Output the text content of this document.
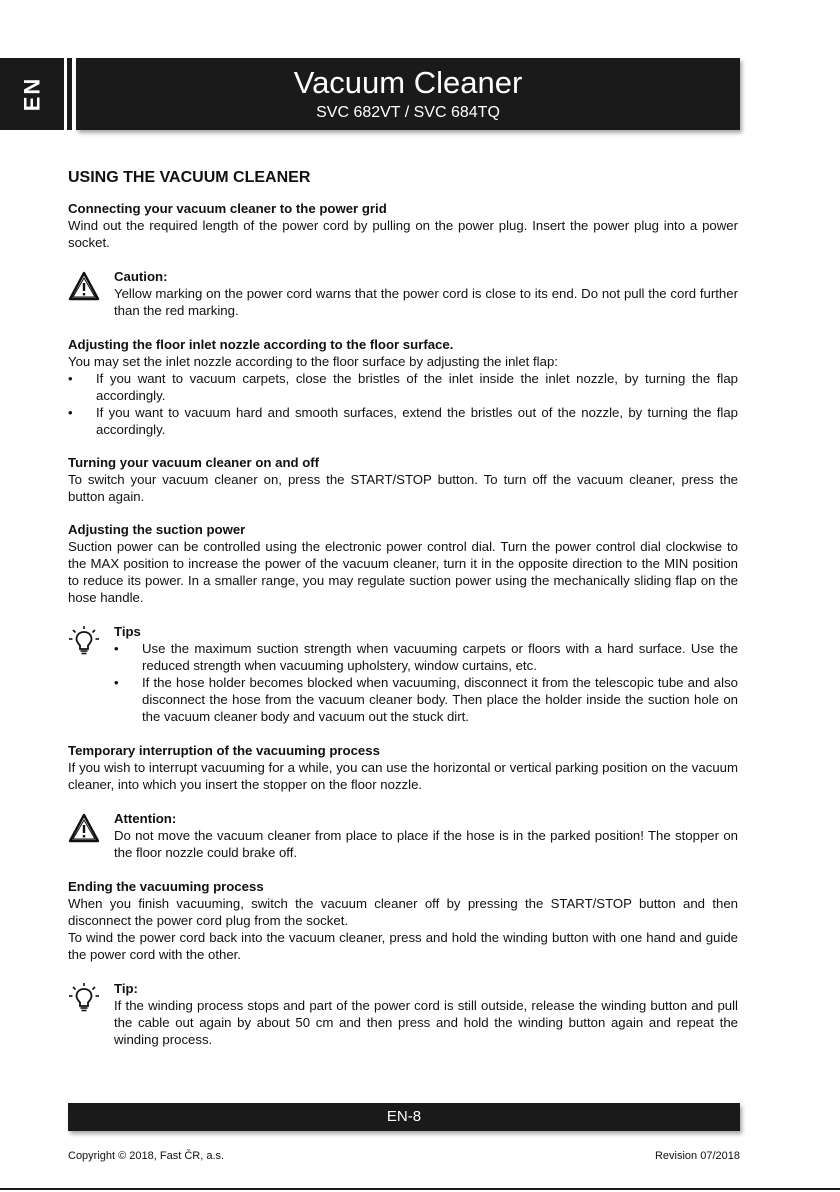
EN	Vacuum Cleaner
SVC 682VT / SVC 684TQ
USING THE VACUUM CLEANER

Connecting your vacuum cleaner to the power grid

Wind out the required length of the power cord by pulling on the power plug. Insert the power plug into a power socket.

Caution:

Yellow marking on the power cord warns that the power cord is close to its end. Do not pull the cord further than the red marking.

Adjusting the floor inlet nozzle according to the floor surface.

You may set the inlet nozzle according to the floor surface by adjusting the inlet flap:

• If you want to vacuum carpets, close the bristles of the inlet inside the inlet nozzle, by turning the flap accordingly.
• If you want to vacuum hard and smooth surfaces, extend the bristles out of the nozzle, by turning the flap accordingly.

Turning your vacuum cleaner on and off

To switch your vacuum cleaner on, press the START/STOP button. To turn off the vacuum cleaner, press the button again.

Adjusting the suction power

Suction power can be controlled using the electronic power control dial. Turn the power control dial clockwise to the MAX position to increase the power of the vacuum cleaner, turn it in the opposite direction to the MIN position to reduce its power. In a smaller range, you may regulate suction power using the mechanically sliding flap on the hose handle.

Tips

• Use the maximum suction strength when vacuuming carpets or floors with a hard surface. Use the reduced strength when vacuuming upholstery, window curtains, etc.
• If the hose holder becomes blocked when vacuuming, disconnect it from the telescopic tube and also disconnect the hose from the vacuum cleaner body. Then place the holder inside the suction hole on the vacuum cleaner body and vacuum out the stuck dirt.

Temporary interruption of the vacuuming process

If you wish to interrupt vacuuming for a while, you can use the horizontal or vertical parking position on the vacuum cleaner, into which you insert the stopper on the floor nozzle.

Attention:

Do not move the vacuum cleaner from place to place if the hose is in the parked position! The stopper on the floor nozzle could brake off.

Ending the vacuuming process

When you finish vacuuming, switch the vacuum cleaner off by pressing the START/STOP button and then disconnect the power cord plug from the socket.

To wind the power cord back into the vacuum cleaner, press and hold the winding button with one hand and guide the power cord with the other.

Tip:

If the winding process stops and part of the power cord is still outside, release the winding button and pull the cable out again by about 50 cm and then press and hold the winding button again and repeat the winding process.

EN-8
Copyright © 2018, Fast ČR, a.s.	Revision 07/2018
